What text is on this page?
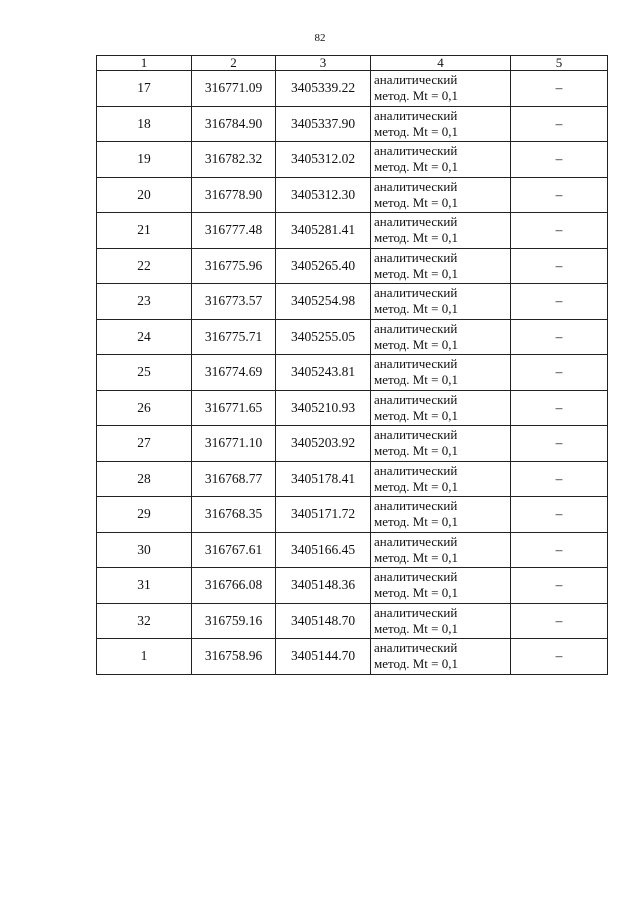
82
1	2	3	4	5
17	316771.09	3405339.22	аналитический
метод. Mt = 0,1	–
18	316784.90	3405337.90	аналитический
метод. Mt = 0,1	–
19	316782.32	3405312.02	аналитический
метод. Mt = 0,1	–
20	316778.90	3405312.30	аналитический
метод. Mt = 0,1	–
21	316777.48	3405281.41	аналитический
метод. Mt = 0,1	–
22	316775.96	3405265.40	аналитический
метод. Mt = 0,1	–
23	316773.57	3405254.98	аналитический
метод. Mt = 0,1	–
24	316775.71	3405255.05	аналитический
метод. Mt = 0,1	–
25	316774.69	3405243.81	аналитический
метод. Mt = 0,1	–
26	316771.65	3405210.93	аналитический
метод. Mt = 0,1	–
27	316771.10	3405203.92	аналитический
метод. Mt = 0,1	–
28	316768.77	3405178.41	аналитический
метод. Mt = 0,1	–
29	316768.35	3405171.72	аналитический
метод. Mt = 0,1	–
30	316767.61	3405166.45	аналитический
метод. Mt = 0,1	–
31	316766.08	3405148.36	аналитический
метод. Mt = 0,1	–
32	316759.16	3405148.70	аналитический
метод. Mt = 0,1	–
1	316758.96	3405144.70	аналитический
метод. Mt = 0,1	–
